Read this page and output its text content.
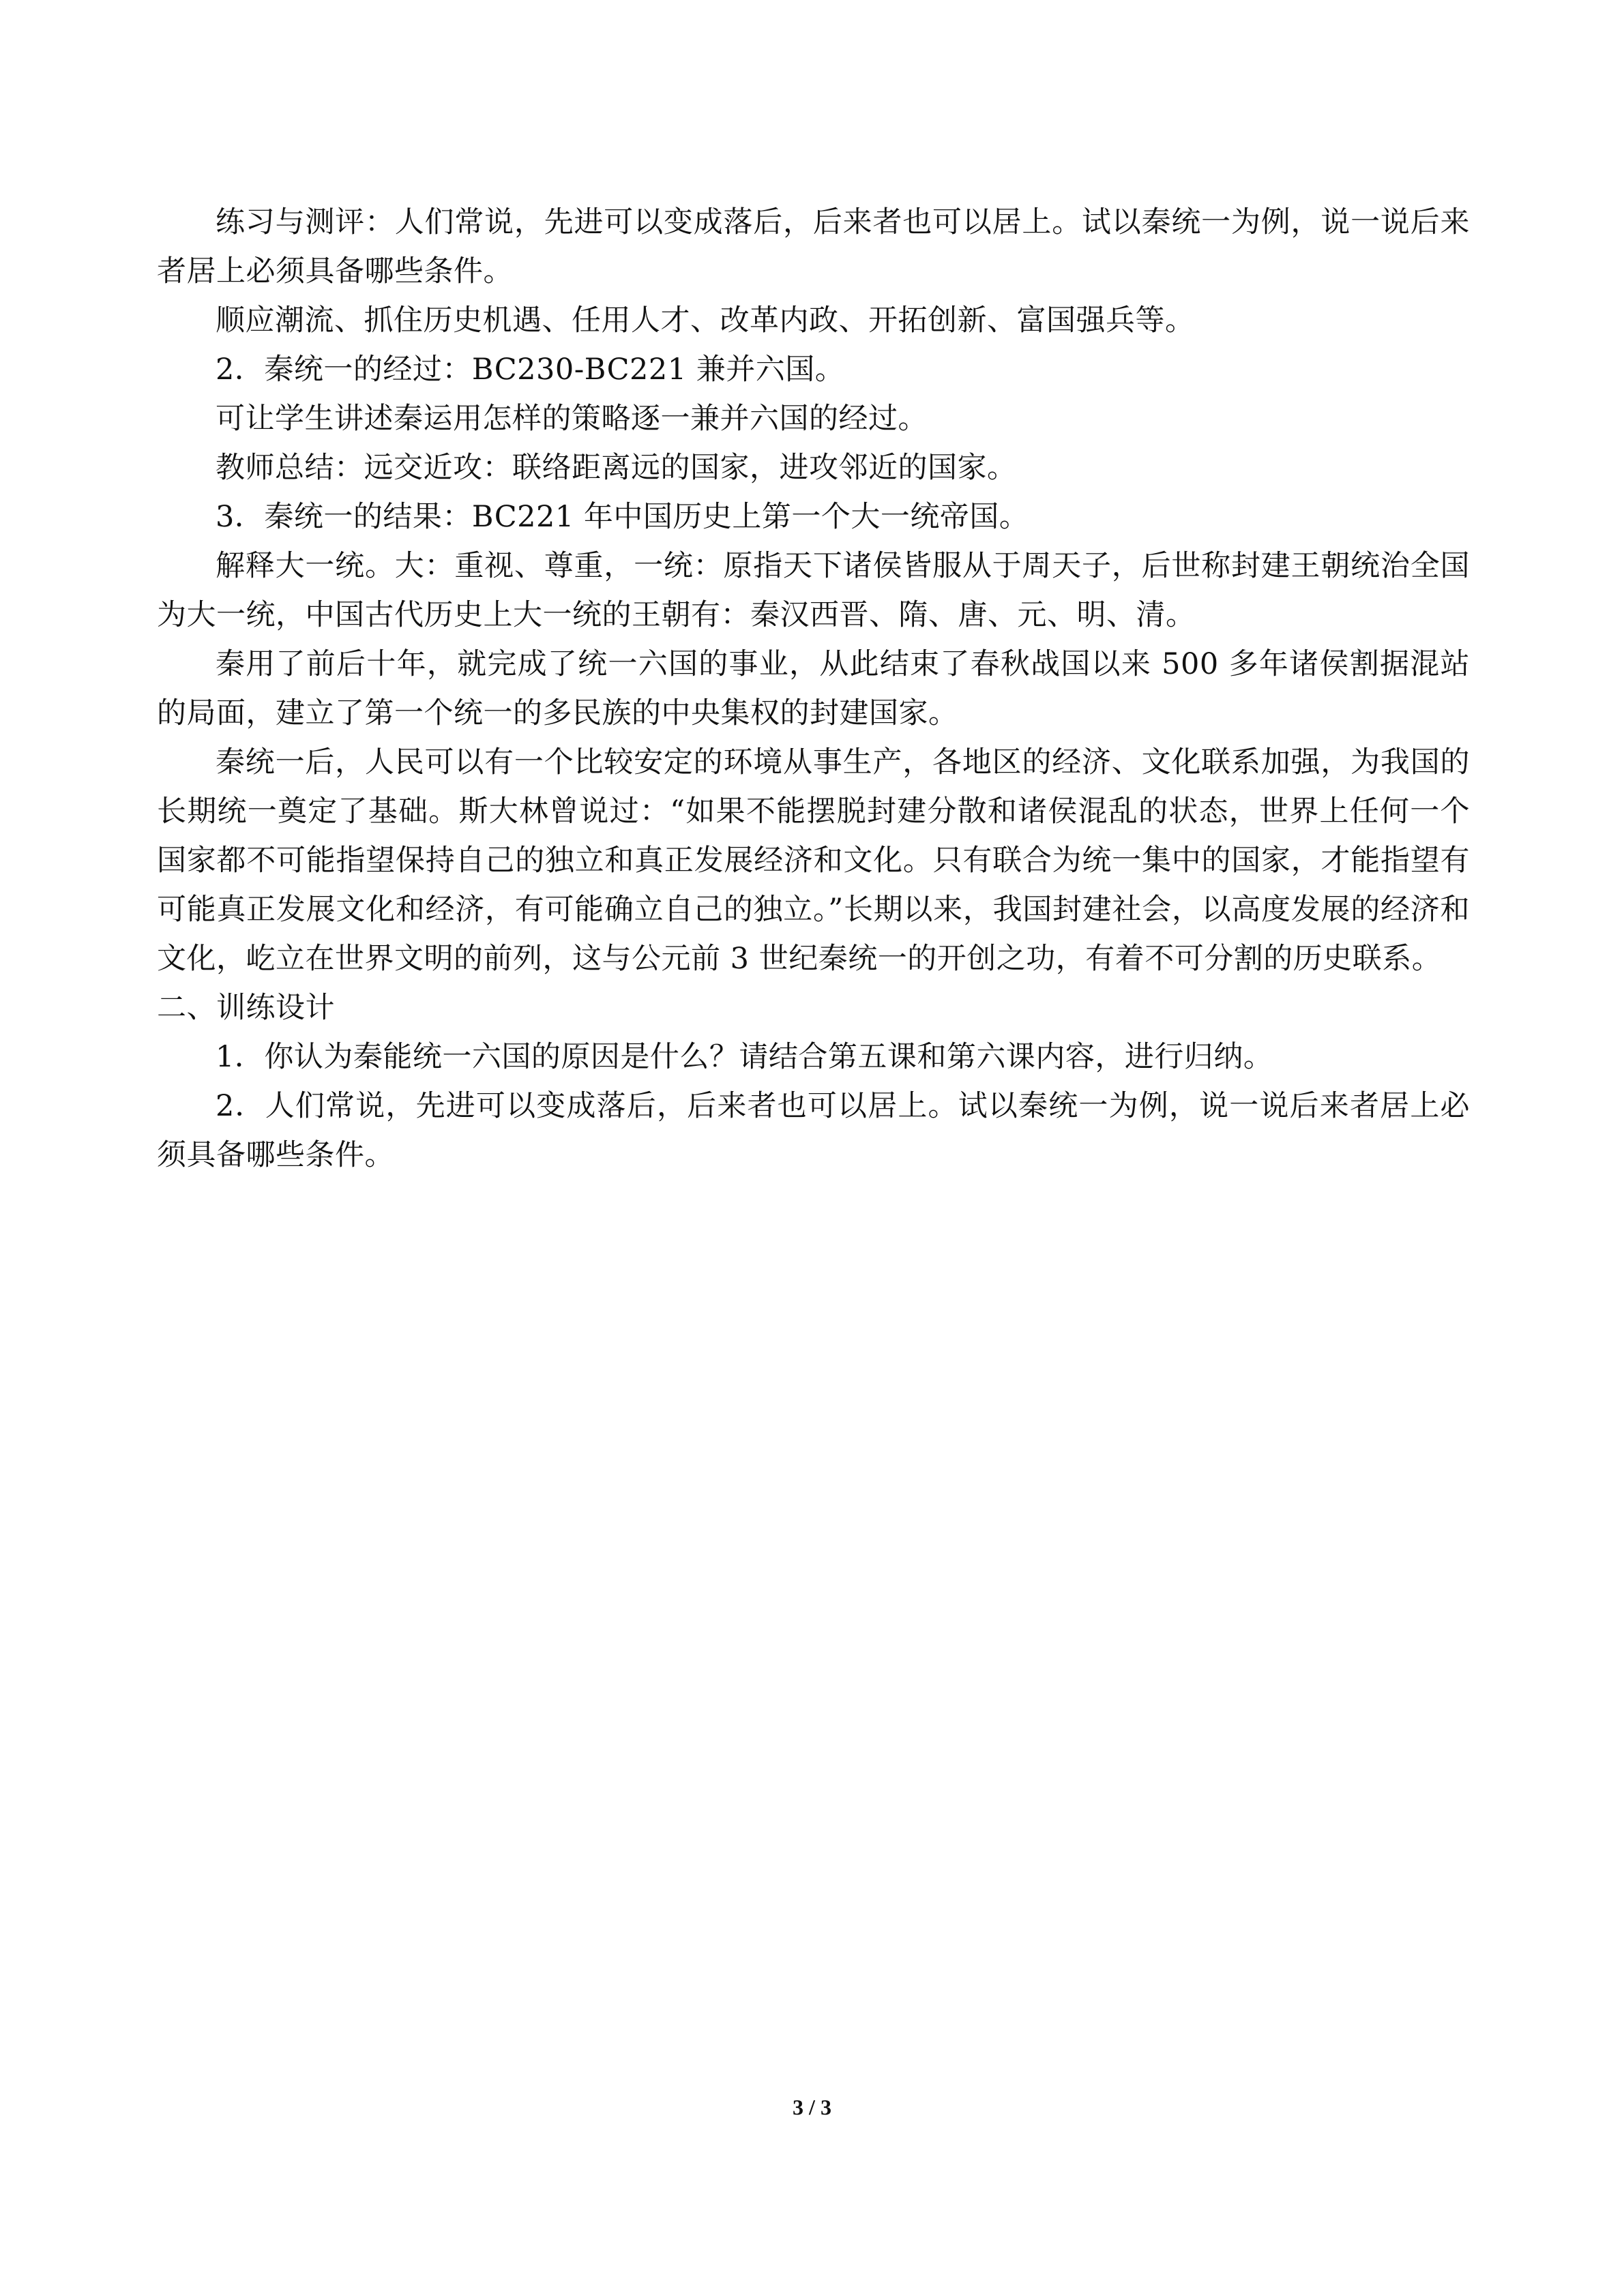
练习与测评：人们常说，先进可以变成落后，后来者也可以居上。试以秦统一为例，说一说后来者居上必须具备哪些条件。

顺应潮流、抓住历史机遇、任用人才、改革内政、开拓创新、富国强兵等。

2．秦统一的经过：BC230-BC221 兼并六国。

可让学生讲述秦运用怎样的策略逐一兼并六国的经过。

教师总结：远交近攻：联络距离远的国家，进攻邻近的国家。

3．秦统一的结果：BC221 年中国历史上第一个大一统帝国。

解释大一统。大：重视、尊重，一统：原指天下诸侯皆服从于周天子，后世称封建王朝统治全国为大一统，中国古代历史上大一统的王朝有：秦汉西晋、隋、唐、元、明、清。

秦用了前后十年，就完成了统一六国的事业，从此结束了春秋战国以来 500 多年诸侯割据混站的局面，建立了第一个统一的多民族的中央集权的封建国家。

秦统一后，人民可以有一个比较安定的环境从事生产，各地区的经济、文化联系加强，为我国的长期统一奠定了基础。斯大林曾说过：“如果不能摆脱封建分散和诸侯混乱的状态，世界上任何一个国家都不可能指望保持自己的独立和真正发展经济和文化。只有联合为统一集中的国家，才能指望有可能真正发展文化和经济，有可能确立自己的独立。”长期以来，我国封建社会，以高度发展的经济和文化，屹立在世界文明的前列，这与公元前 3 世纪秦统一的开创之功，有着不可分割的历史联系。

二、训练设计

1．你认为秦能统一六国的原因是什么？请结合第五课和第六课内容，进行归纳。

2．人们常说，先进可以变成落后，后来者也可以居上。试以秦统一为例，说一说后来者居上必须具备哪些条件。

3 / 3
